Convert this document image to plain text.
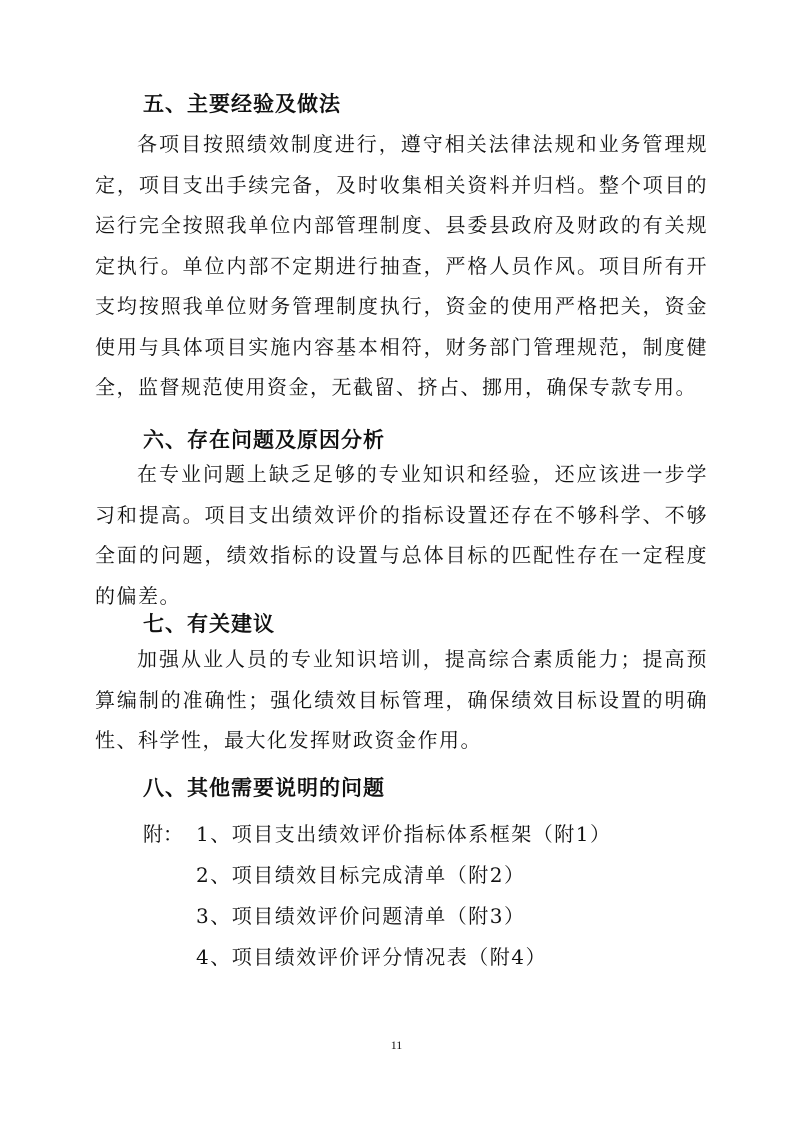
五、主要经验及做法
各项目按照绩效制度进行，遵守相关法律法规和业务管理规定，项目支出手续完备，及时收集相关资料并归档。整个项目的运行完全按照我单位内部管理制度、县委县政府及财政的有关规定执行。单位内部不定期进行抽查，严格人员作风。项目所有开支均按照我单位财务管理制度执行，资金的使用严格把关，资金使用与具体项目实施内容基本相符，财务部门管理规范，制度健全，监督规范使用资金，无截留、挤占、挪用，确保专款专用。
六、存在问题及原因分析
在专业问题上缺乏足够的专业知识和经验，还应该进一步学习和提高。项目支出绩效评价的指标设置还存在不够科学、不够全面的问题，绩效指标的设置与总体目标的匹配性存在一定程度的偏差。
七、有关建议
加强从业人员的专业知识培训，提高综合素质能力；提高预算编制的准确性；强化绩效目标管理，确保绩效目标设置的明确性、科学性，最大化发挥财政资金作用。
八、其他需要说明的问题
附： 1、项目支出绩效评价指标体系框架（附1）
2、项目绩效目标完成清单（附2）
3、项目绩效评价问题清单（附3）
4、项目绩效评价评分情况表（附4）
11
